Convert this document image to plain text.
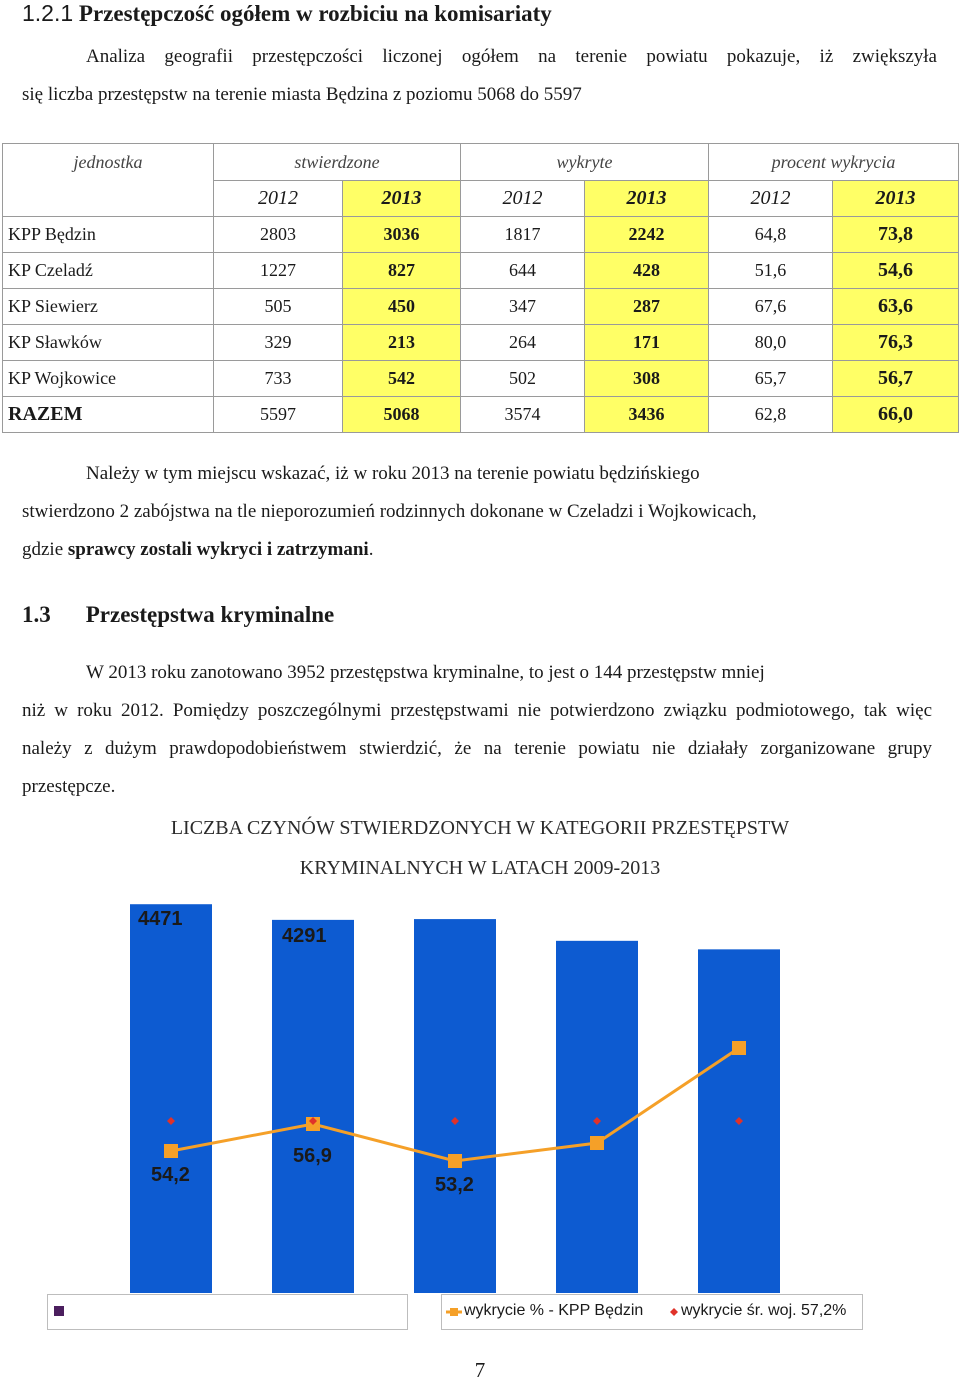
1.2.1 Przestępczość ogółem w rozbiciu na komisariaty
Analiza geografii przestępczości liczonej ogółem na terenie powiatu pokazuje, iż zwiększyła
się liczba przestępstw na terenie miasta Będzina z poziomu 5068 do 5597
jednostka	stwierdzone		wykryte		procent wykrycia	
	2012	2013	2012	2013	2012	2013
KPP Będzin	2803	3036	1817	2242	64,8	73,8
KP Czeladź	1227	827	644	428	51,6	54,6
KP Siewierz	505	450	347	287	67,6	63,6
KP Sławków	329	213	264	171	80,0	76,3
KP Wojkowice	733	542	502	308	65,7	56,7
RAZEM	5597	5068	3574	3436	62,8	66,0
Należy w tym miejscu wskazać, iż w roku 2013 na terenie powiatu będzińskiego
stwierdzono 2 zabójstwa na tle nieporozumień rodzinnych dokonane w Czeladzi i Wojkowicach,
gdzie sprawcy zostali wykryci i zatrzymani.
1.3 Przestępstwa kryminalne
W 2013 roku zanotowano 3952 przestępstwa kryminalne, to jest o 144 przestępstw mniej
niż w roku 2012. Pomiędzy poszczególnymi przestępstwami nie potwierdzono związku podmiotowego, tak więc należy z dużym prawdopodobieństwem stwierdzić, że na terenie powiatu nie działały zorganizowane grupy przestępcze.
LICZBA CZYNÓW STWIERDZONYCH W KATEGORII PRZESTĘPSTW
KRYMINALNYCH W LATACH 2009-2013
4471
4291
54,2
56,9
53,2
wykrycie % - KPP Będzin wykrycie śr. woj. 57,2%
7
